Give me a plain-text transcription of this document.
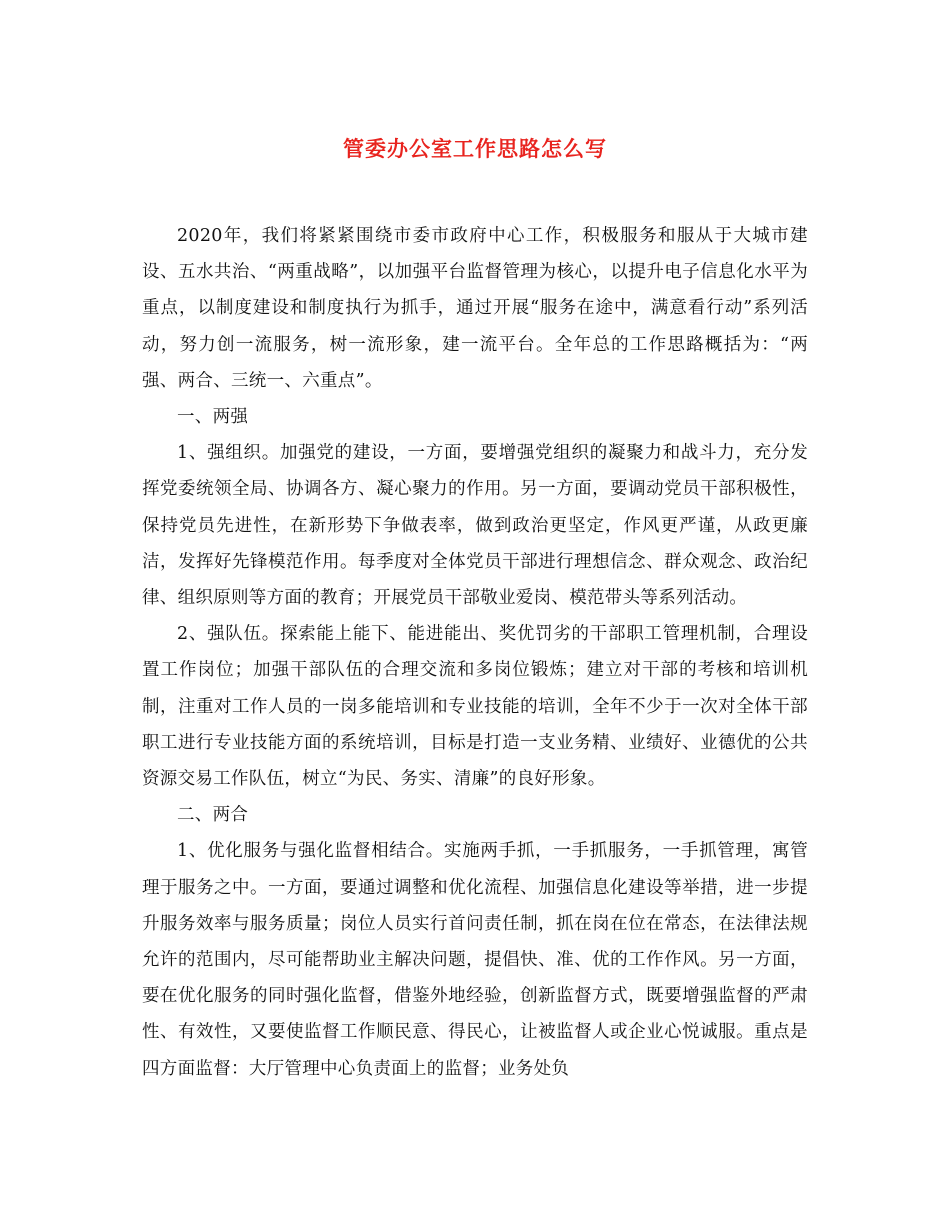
管委办公室工作思路怎么写

2020年，我们将紧紧围绕市委市政府中心工作，积极服务和服从于大城市建设、五水共治、“两重战略”，以加强平台监督管理为核心，以提升电子信息化水平为重点，以制度建设和制度执行为抓手，通过开展“服务在途中，满意看行动”系列活动，努力创一流服务，树一流形象，建一流平台。全年总的工作思路概括为：“两强、两合、三统一、六重点”。

一、两强

1、强组织。加强党的建设，一方面，要增强党组织的凝聚力和战斗力，充分发挥党委统领全局、协调各方、凝心聚力的作用。另一方面，要调动党员干部积极性，保持党员先进性，在新形势下争做表率，做到政治更坚定，作风更严谨，从政更廉洁，发挥好先锋模范作用。每季度对全体党员干部进行理想信念、群众观念、政治纪律、组织原则等方面的教育；开展党员干部敬业爱岗、模范带头等系列活动。

2、强队伍。探索能上能下、能进能出、奖优罚劣的干部职工管理机制，合理设置工作岗位；加强干部队伍的合理交流和多岗位锻炼；建立对干部的考核和培训机制，注重对工作人员的一岗多能培训和专业技能的培训，全年不少于一次对全体干部职工进行专业技能方面的系统培训，目标是打造一支业务精、业绩好、业德优的公共资源交易工作队伍，树立“为民、务实、清廉”的良好形象。

二、两合

1、优化服务与强化监督相结合。实施两手抓，一手抓服务，一手抓管理，寓管理于服务之中。一方面，要通过调整和优化流程、加强信息化建设等举措，进一步提升服务效率与服务质量；岗位人员实行首问责任制，抓在岗在位在常态，在法律法规允许的范围内，尽可能帮助业主解决问题，提倡快、准、优的工作作风。另一方面，要在优化服务的同时强化监督，借鉴外地经验，创新监督方式，既要增强监督的严肃性、有效性，又要使监督工作顺民意、得民心，让被监督人或企业心悦诚服。重点是四方面监督：大厅管理中心负责面上的监督；业务处负
